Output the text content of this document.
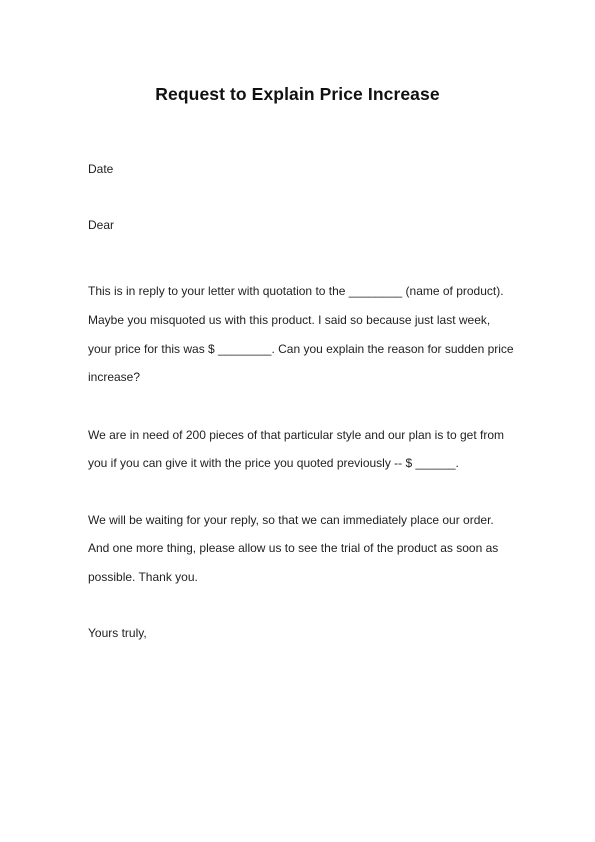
Request to Explain Price Increase
Date
Dear
This is in reply to your letter with quotation to the ________ (name of product).
Maybe you misquoted us with this product. I said so because just last week,
your price for this was $ ________. Can you explain the reason for sudden price
increase?
We are in need of 200 pieces of that particular style and our plan is to get from
you if you can give it with the price you quoted previously -- $ ______.
We will be waiting for your reply, so that we can immediately place our order.
And one more thing, please allow us to see the trial of the product as soon as
possible. Thank you.
Yours truly,
